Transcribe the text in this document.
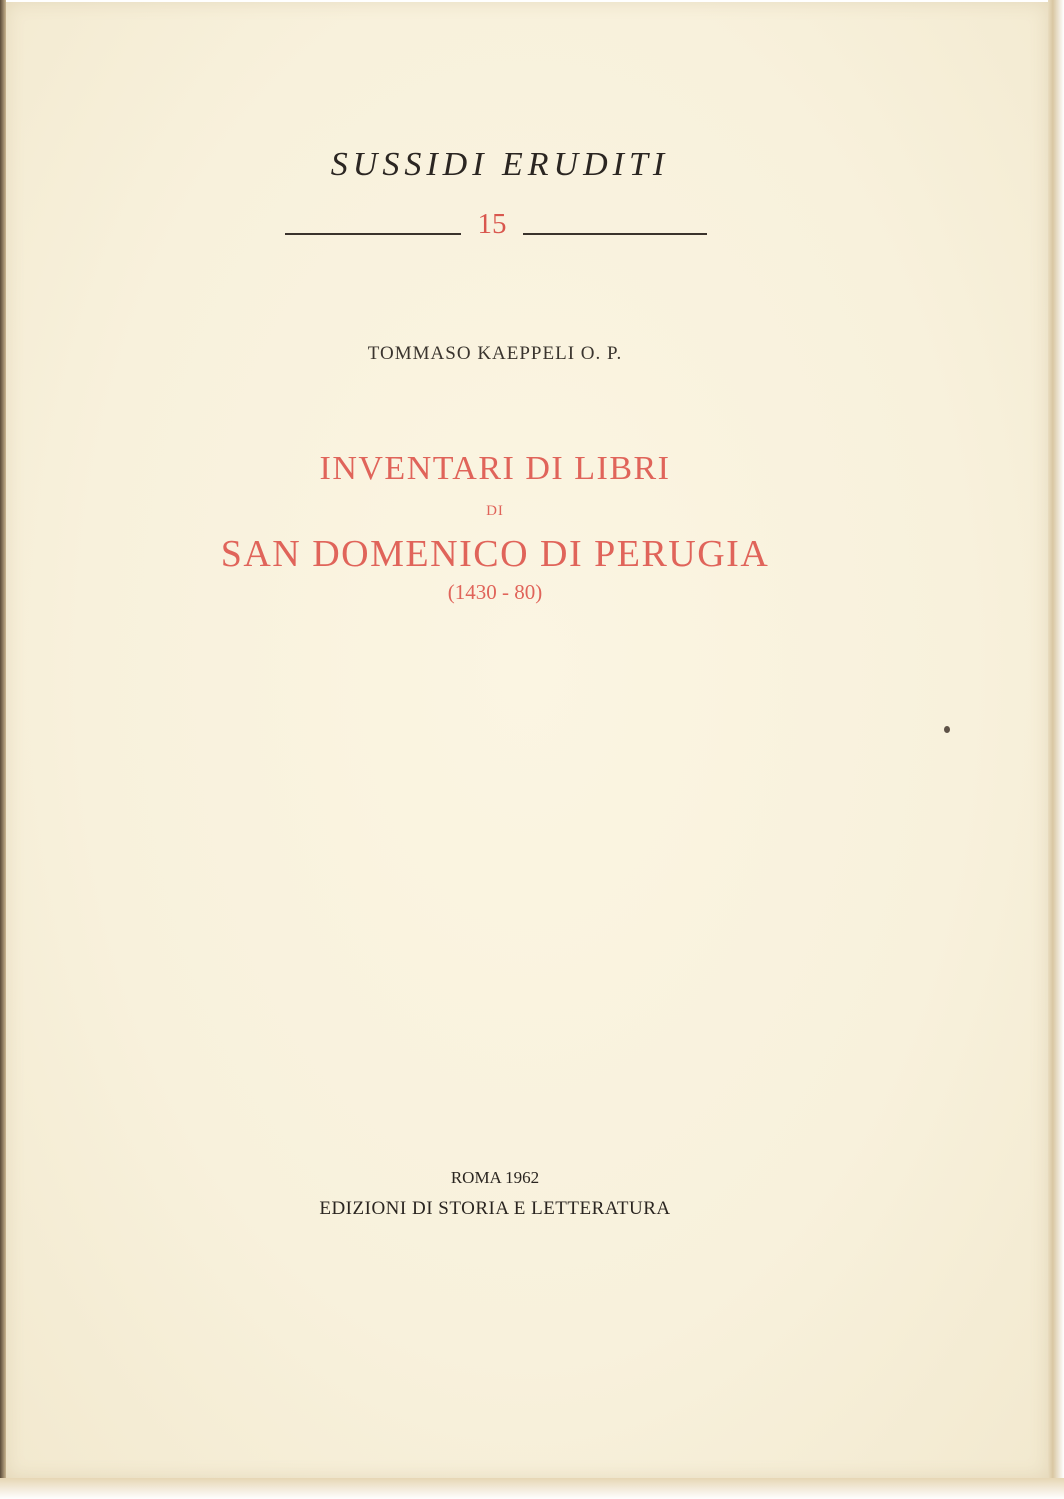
SUSSIDI ERUDITI
15
TOMMASO KAEPPELI O. P.
INVENTARI DI LIBRI
DI
SAN DOMENICO DI PERUGIA
(1430 - 80)
ROMA 1962
EDIZIONI DI STORIA E LETTERATURA
